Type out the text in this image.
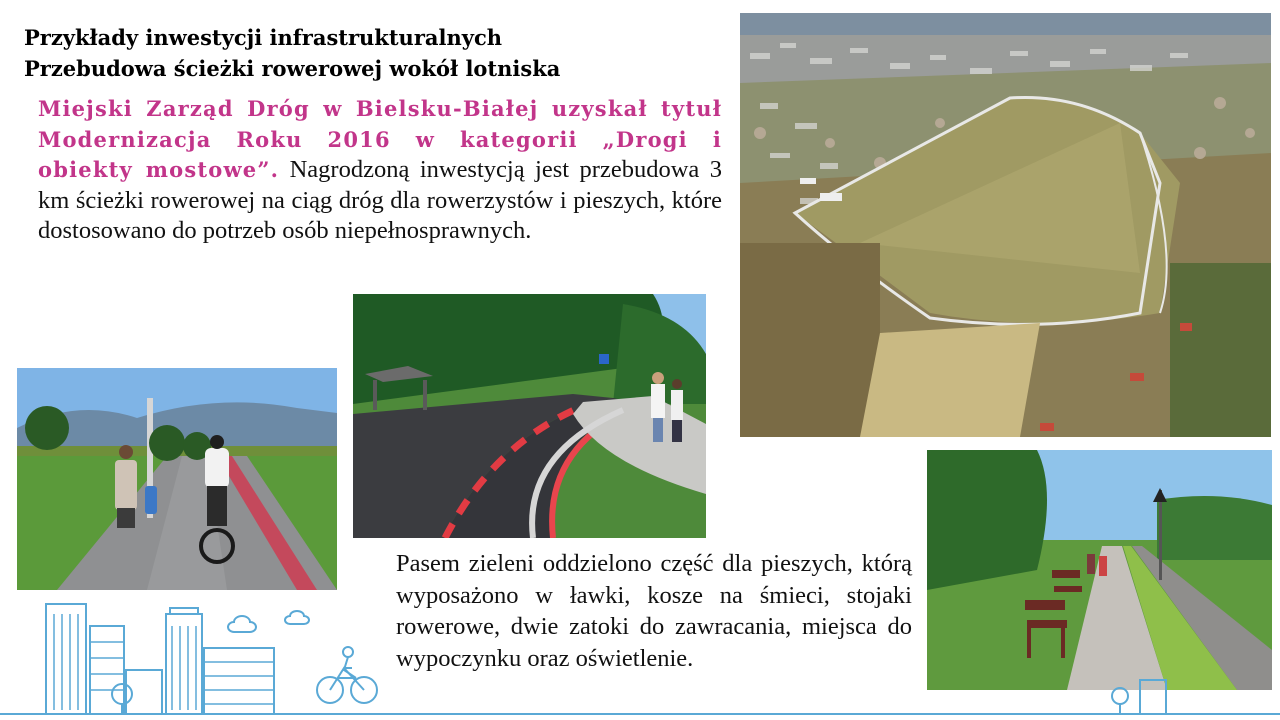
Przykłady inwestycji infrastrukturalnych
Przebudowa ścieżki rowerowej wokół lotniska
Miejski Zarząd Dróg w Bielsku-Białej uzyskał tytuł Modernizacja Roku 2016 w kategorii „Drogi i obiekty mostowe”. Nagrodzoną inwestycją jest przebudowa 3 km ścieżki rowerowej na ciąg dróg dla rowerzystów i pieszych, które dostosowano do potrzeb osób niepełnosprawnych.
Pasem zieleni oddzielono część dla pieszych, którą wyposażono w ławki, kosze na śmieci, stojaki rowerowe, dwie zatoki do zawracania, miejsca do wypoczynku oraz oświetlenie.
